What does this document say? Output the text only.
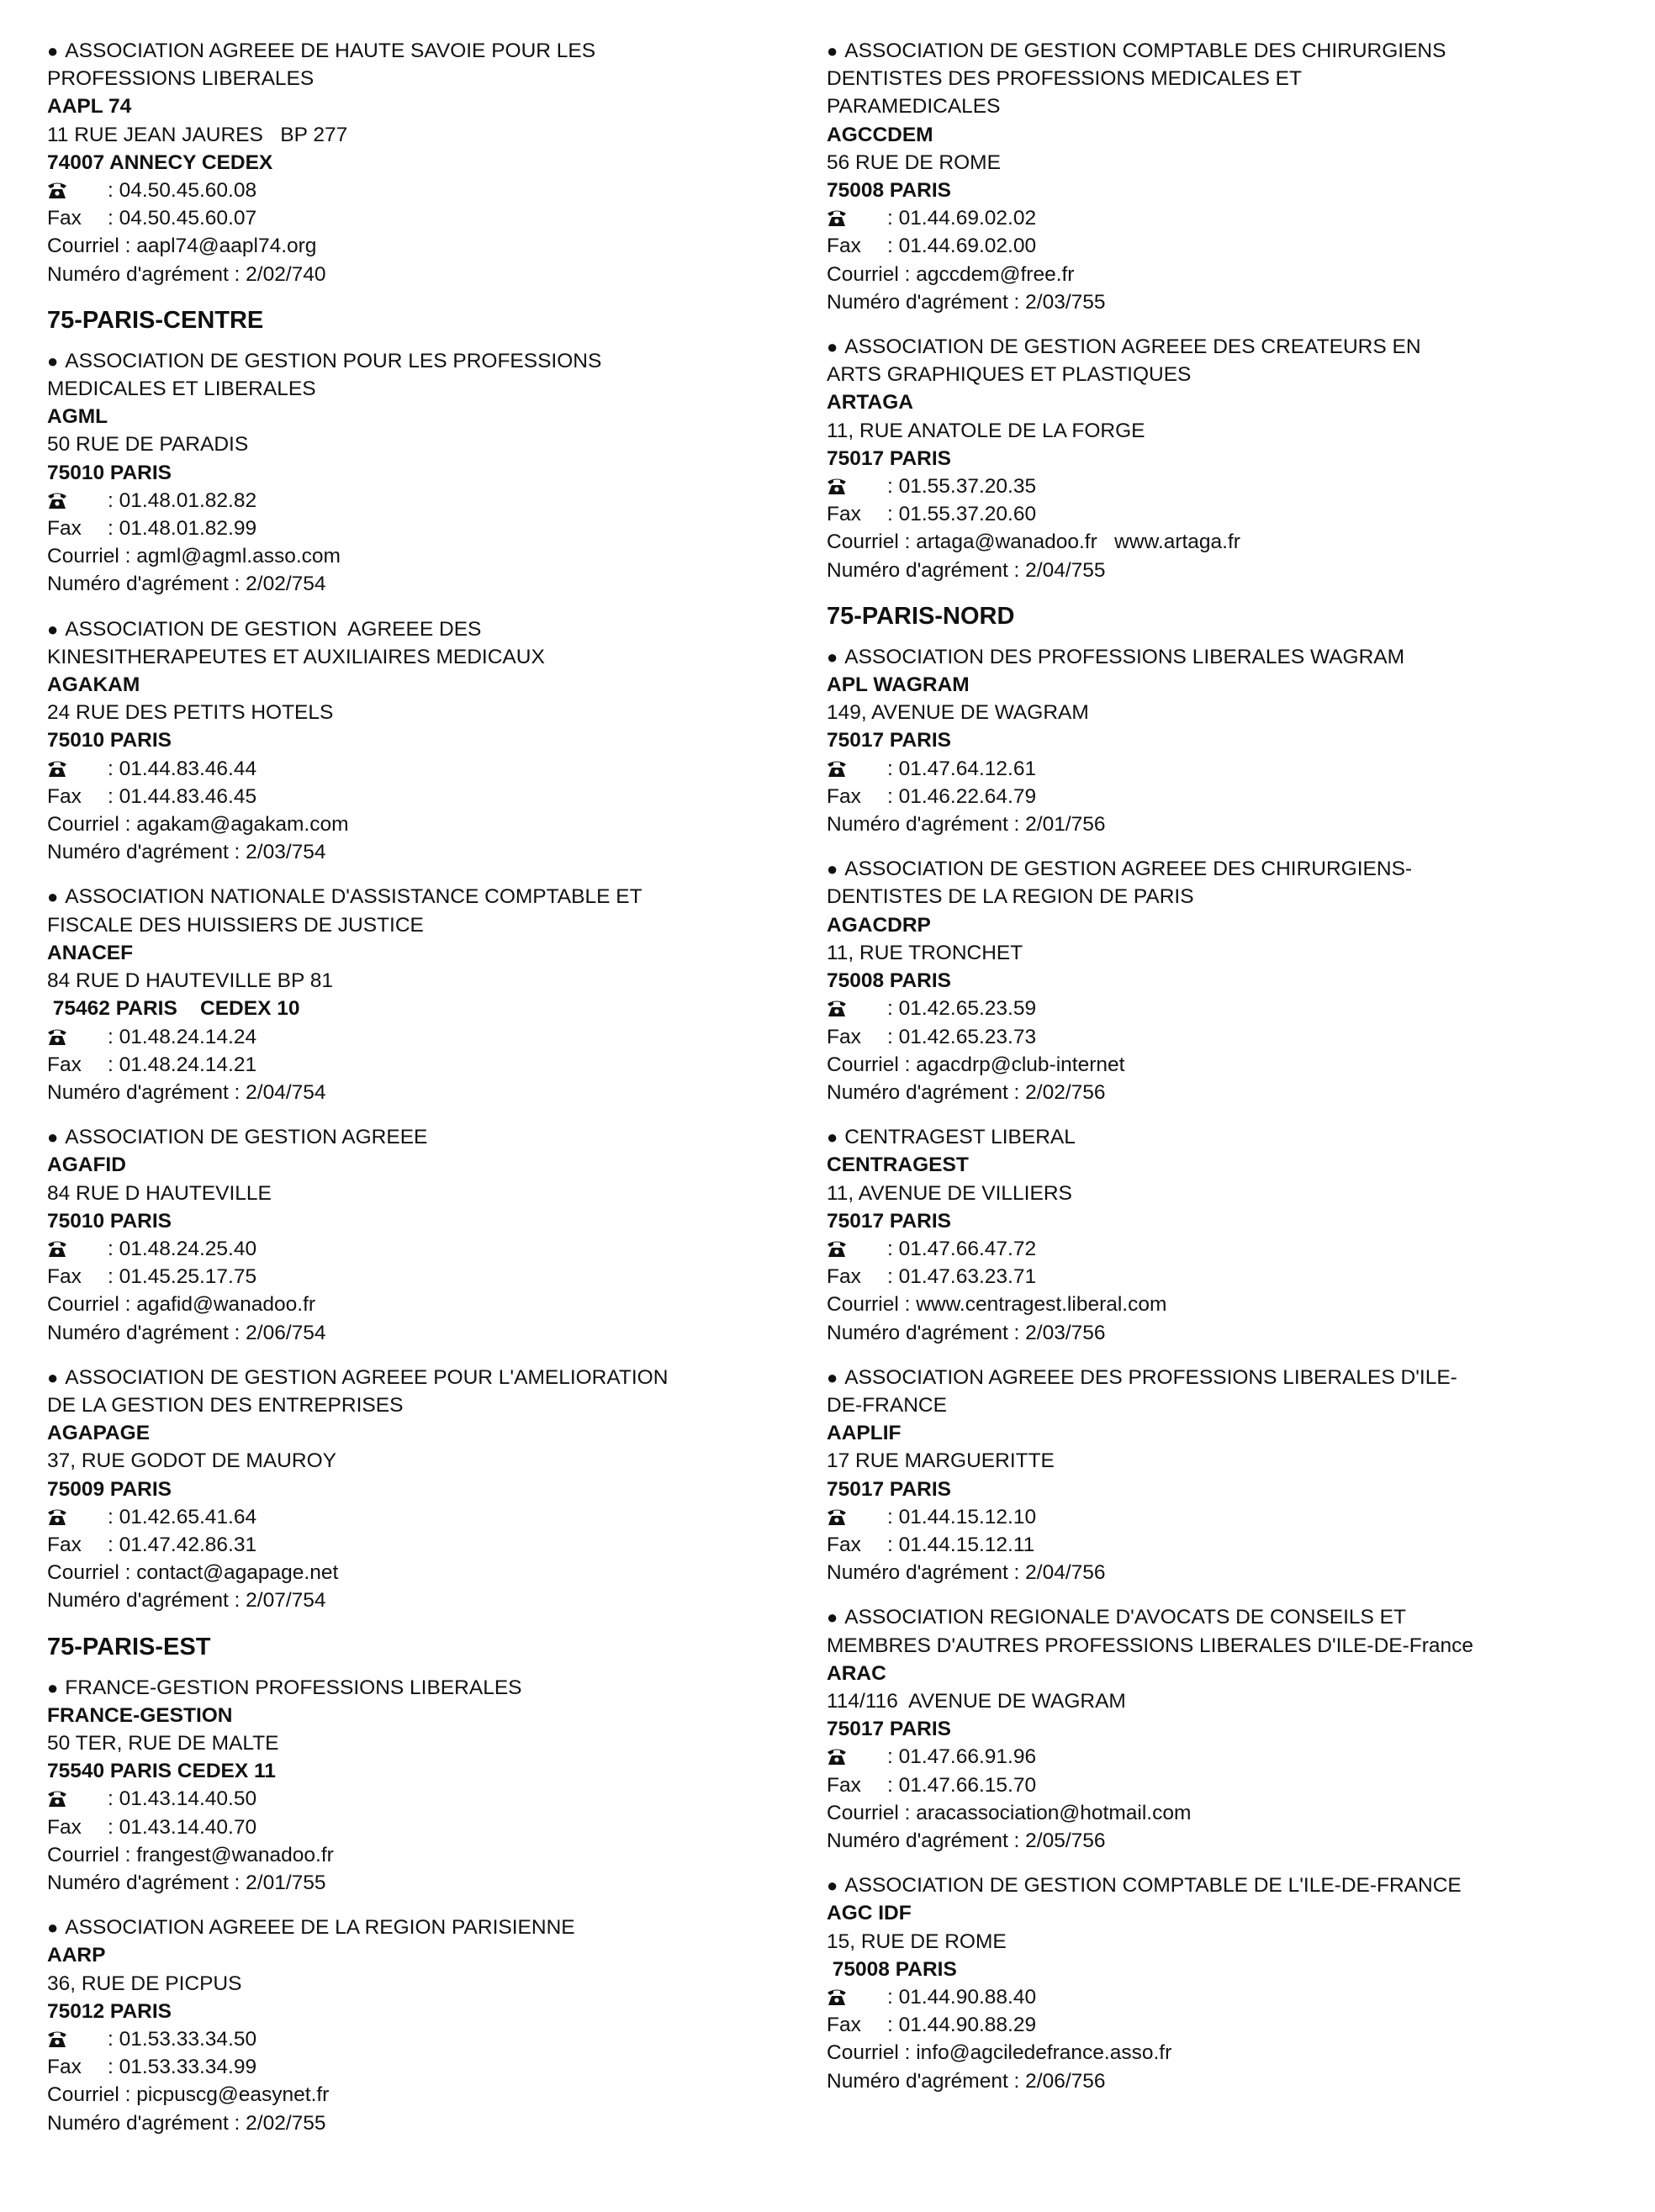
● ASSOCIATION AGREEE DE HAUTE SAVOIE POUR LES
PROFESSIONS LIBERALES
AAPL 74
11 RUE JEAN JAURES   BP 277
74007 ANNECY CEDEX
: 04.50.45.60.08
Fax : 04.50.45.60.07
Courriel : aapl74@aapl74.org
Numéro d'agrément : 2/02/740
75-PARIS-CENTRE
● ASSOCIATION DE GESTION POUR LES PROFESSIONS
MEDICALES ET LIBERALES
AGML
50 RUE DE PARADIS
75010 PARIS
: 01.48.01.82.82
Fax : 01.48.01.82.99
Courriel : agml@agml.asso.com
Numéro d'agrément : 2/02/754
● ASSOCIATION DE GESTION  AGREEE DES
KINESITHERAPEUTES ET AUXILIAIRES MEDICAUX
AGAKAM
24 RUE DES PETITS HOTELS
75010 PARIS
: 01.44.83.46.44
Fax : 01.44.83.46.45
Courriel : agakam@agakam.com
Numéro d'agrément : 2/03/754
● ASSOCIATION NATIONALE D'ASSISTANCE COMPTABLE ET
FISCALE DES HUISSIERS DE JUSTICE
ANACEF
84 RUE D HAUTEVILLE BP 81
75462 PARIS    CEDEX 10
: 01.48.24.14.24
Fax : 01.48.24.14.21
Numéro d'agrément : 2/04/754
● ASSOCIATION DE GESTION AGREEE
AGAFID
84 RUE D HAUTEVILLE
75010 PARIS
: 01.48.24.25.40
Fax : 01.45.25.17.75
Courriel : agafid@wanadoo.fr
Numéro d'agrément : 2/06/754
● ASSOCIATION DE GESTION AGREEE POUR L'AMELIORATION
DE LA GESTION DES ENTREPRISES
AGAPAGE
37, RUE GODOT DE MAUROY
75009 PARIS
: 01.42.65.41.64
Fax : 01.47.42.86.31
Courriel : contact@agapage.net
Numéro d'agrément : 2/07/754
75-PARIS-EST
● FRANCE-GESTION PROFESSIONS LIBERALES
FRANCE-GESTION
50 TER, RUE DE MALTE
75540 PARIS CEDEX 11
: 01.43.14.40.50
Fax : 01.43.14.40.70
Courriel : frangest@wanadoo.fr
Numéro d'agrément : 2/01/755
● ASSOCIATION AGREEE DE LA REGION PARISIENNE
AARP
36, RUE DE PICPUS
75012 PARIS
: 01.53.33.34.50
Fax : 01.53.33.34.99
Courriel : picpuscg@easynet.fr
Numéro d'agrément : 2/02/755
● ASSOCIATION DE GESTION COMPTABLE DES CHIRURGIENS
DENTISTES DES PROFESSIONS MEDICALES ET
PARAMEDICALES
AGCCDEM
56 RUE DE ROME
75008 PARIS
: 01.44.69.02.02
Fax : 01.44.69.02.00
Courriel : agccdem@free.fr
Numéro d'agrément : 2/03/755
● ASSOCIATION DE GESTION AGREEE DES CREATEURS EN
ARTS GRAPHIQUES ET PLASTIQUES
ARTAGA
11, RUE ANATOLE DE LA FORGE
75017 PARIS
: 01.55.37.20.35
Fax : 01.55.37.20.60
Courriel : artaga@wanadoo.fr   www.artaga.fr
Numéro d'agrément : 2/04/755
75-PARIS-NORD
● ASSOCIATION DES PROFESSIONS LIBERALES WAGRAM
APL WAGRAM
149, AVENUE DE WAGRAM
75017 PARIS
: 01.47.64.12.61
Fax : 01.46.22.64.79
Numéro d'agrément : 2/01/756
● ASSOCIATION DE GESTION AGREEE DES CHIRURGIENS-
DENTISTES DE LA REGION DE PARIS
AGACDRP
11, RUE TRONCHET
75008 PARIS
: 01.42.65.23.59
Fax : 01.42.65.23.73
Courriel : agacdrp@club-internet
Numéro d'agrément : 2/02/756
● CENTRAGEST LIBERAL
CENTRAGEST
11, AVENUE DE VILLIERS
75017 PARIS
: 01.47.66.47.72
Fax : 01.47.63.23.71
Courriel : www.centragest.liberal.com
Numéro d'agrément : 2/03/756
● ASSOCIATION AGREEE DES PROFESSIONS LIBERALES D'ILE-
DE-FRANCE
AAPLIF
17 RUE MARGUERITTE
75017 PARIS
: 01.44.15.12.10
Fax : 01.44.15.12.11
Numéro d'agrément : 2/04/756
● ASSOCIATION REGIONALE D'AVOCATS DE CONSEILS ET
MEMBRES D'AUTRES PROFESSIONS LIBERALES D'ILE-DE-France
ARAC
114/116  AVENUE DE WAGRAM
75017 PARIS
: 01.47.66.91.96
Fax : 01.47.66.15.70
Courriel : aracassociation@hotmail.com
Numéro d'agrément : 2/05/756
● ASSOCIATION DE GESTION COMPTABLE DE L'ILE-DE-FRANCE
AGC IDF
15, RUE DE ROME
75008 PARIS
: 01.44.90.88.40
Fax : 01.44.90.88.29
Courriel : info@agciledefrance.asso.fr
Numéro d'agrément : 2/06/756
